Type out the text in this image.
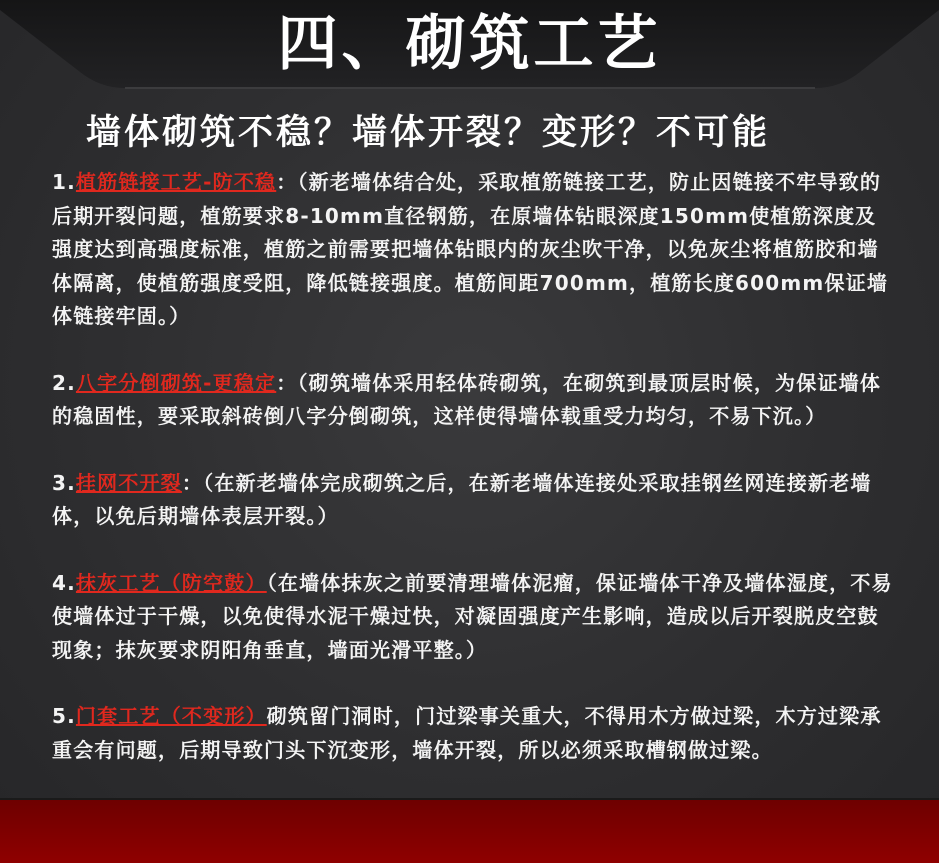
四、砌筑工艺
墙体砌筑不稳？墙体开裂？变形？不可能

1.植筋链接工艺-防不稳：（新老墙体结合处，采取植筋链接工艺，防止因链接不牢导致的后期开裂问题，植筋要求8-10mm直径钢筋，在原墙体钻眼深度150mm使植筋深度及强度达到高强度标准，植筋之前需要把墙体钻眼内的灰尘吹干净，以免灰尘将植筋胶和墙体隔离，使植筋强度受阻，降低链接强度。植筋间距700mm，植筋长度600mm保证墙体链接牢固。）

2.八字分倒砌筑-更稳定：（砌筑墙体采用轻体砖砌筑，在砌筑到最顶层时候，为保证墙体的稳固性，要采取斜砖倒八字分倒砌筑，这样使得墙体载重受力均匀，不易下沉。）

3.挂网不开裂：（在新老墙体完成砌筑之后，在新老墙体连接处采取挂钢丝网连接新老墙体，以免后期墙体表层开裂。）

4.抹灰工艺（防空鼓）（在墙体抹灰之前要清理墙体泥瘤，保证墙体干净及墙体湿度，不易使墙体过于干燥，以免使得水泥干燥过快，对凝固强度产生影响，造成以后开裂脱皮空鼓现象；抹灰要求阴阳角垂直，墙面光滑平整。）

5.门套工艺（不变形）砌筑留门洞时，门过梁事关重大，不得用木方做过梁，木方过梁承重会有问题，后期导致门头下沉变形，墙体开裂，所以必须采取槽钢做过梁。
